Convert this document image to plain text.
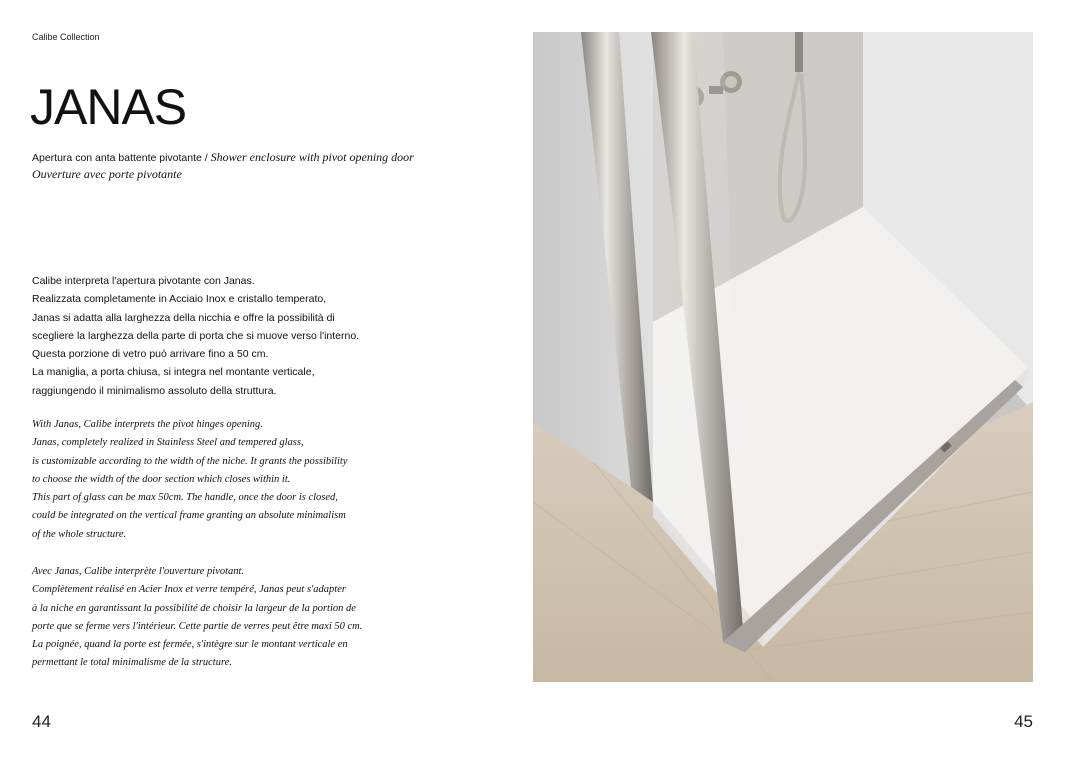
Calibe Collection
JANAS
Apertura con anta battente pivotante / Shower enclosure with pivot opening door
Ouverture avec porte pivotante
Calibe interpreta l'apertura pivotante con Janas.
Realizzata completamente in Acciaio Inox e cristallo temperato,
Janas si adatta alla larghezza della nicchia e offre la possibilità di
scegliere la larghezza della parte di porta che si muove verso l'interno.
Questa porzione di vetro può arrivare fino a 50 cm.
La maniglia, a porta chiusa, si integra nel montante verticale,
raggiungendo il minimalismo assoluto della struttura.
With Janas, Calibe interprets the pivot hinges opening.
Janas, completely realized in Stainless Steel and tempered glass,
is customizable according to the width of the niche. It grants the possibility
to choose the width of the door section which closes within it.
This part of glass can be max 50cm. The handle, once the door is closed,
could be integrated on the vertical frame granting an absolute minimalism
of the whole structure.
Avec Janas, Calibe interprète l'ouverture pivotant.
Complètement réalisé en Acier Inox et verre tempéré, Janas peut s'adapter
à la niche en garantissant la possibilité de choisir la largeur de la portion de
porte que se ferme vers l'intérieur. Cette partie de verres peut être maxi 50 cm.
La poignée, quand la porte est fermée, s'intègre sur le montant verticale en
permettant le total minimalisme de la structure.
44	45
